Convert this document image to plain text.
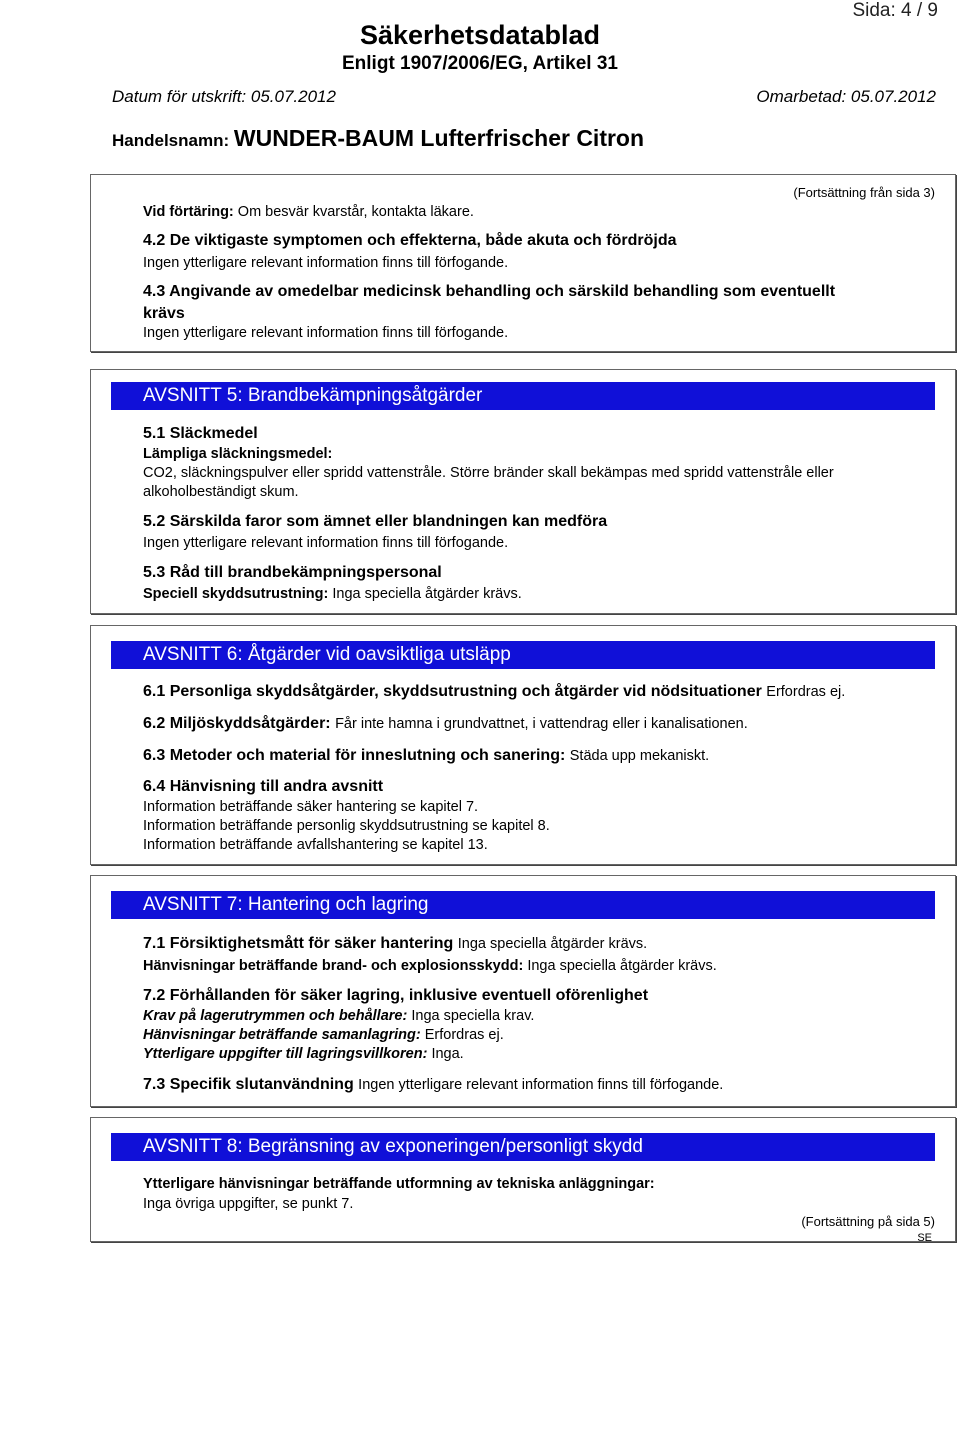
Sida: 4 / 9
Säkerhetsdatablad
Enligt 1907/2006/EG, Artikel 31
Datum för utskrift: 05.07.2012	Omarbetad: 05.07.2012
Handelsnamn: WUNDER-BAUM Lufterfrischer Citron
(Fortsättning från sida 3)
Vid förtäring: Om besvär kvarstår, kontakta läkare.
4.2 De viktigaste symptomen och effekterna, både akuta och fördröjda
Ingen ytterligare relevant information finns till förfogande.
4.3 Angivande av omedelbar medicinsk behandling och särskild behandling som eventuellt
krävs
Ingen ytterligare relevant information finns till förfogande.
AVSNITT 5: Brandbekämpningsåtgärder
5.1 Släckmedel
Lämpliga släckningsmedel:
CO2, släckningspulver eller spridd vattenstråle. Större bränder skall bekämpas med spridd vattenstråle eller
alkoholbeständigt skum.
5.2 Särskilda faror som ämnet eller blandningen kan medföra
Ingen ytterligare relevant information finns till förfogande.
5.3 Råd till brandbekämpningspersonal
Speciell skyddsutrustning: Inga speciella åtgärder krävs.
AVSNITT 6: Åtgärder vid oavsiktliga utsläpp
6.1 Personliga skyddsåtgärder, skyddsutrustning och åtgärder vid nödsituationer Erfordras ej.
6.2 Miljöskyddsåtgärder: Får inte hamna i grundvattnet, i vattendrag eller i kanalisationen.
6.3 Metoder och material för inneslutning och sanering: Städa upp mekaniskt.
6.4 Hänvisning till andra avsnitt
Information beträffande säker hantering se kapitel 7.
Information beträffande personlig skyddsutrustning se kapitel 8.
Information beträffande avfallshantering se kapitel 13.
AVSNITT 7: Hantering och lagring
7.1 Försiktighetsmått för säker hantering Inga speciella åtgärder krävs.
Hänvisningar beträffande brand- och explosionsskydd: Inga speciella åtgärder krävs.
7.2 Förhållanden för säker lagring, inklusive eventuell oförenlighet
Krav på lagerutrymmen och behållare: Inga speciella krav.
Hänvisningar beträffande samanlagring: Erfordras ej.
Ytterligare uppgifter till lagringsvillkoren: Inga.
7.3 Specifik slutanvändning Ingen ytterligare relevant information finns till förfogande.
AVSNITT 8: Begränsning av exponeringen/personligt skydd
Ytterligare hänvisningar beträffande utformning av tekniska anläggningar:
Inga övriga uppgifter, se punkt 7.
(Fortsättning på sida 5)
SE
